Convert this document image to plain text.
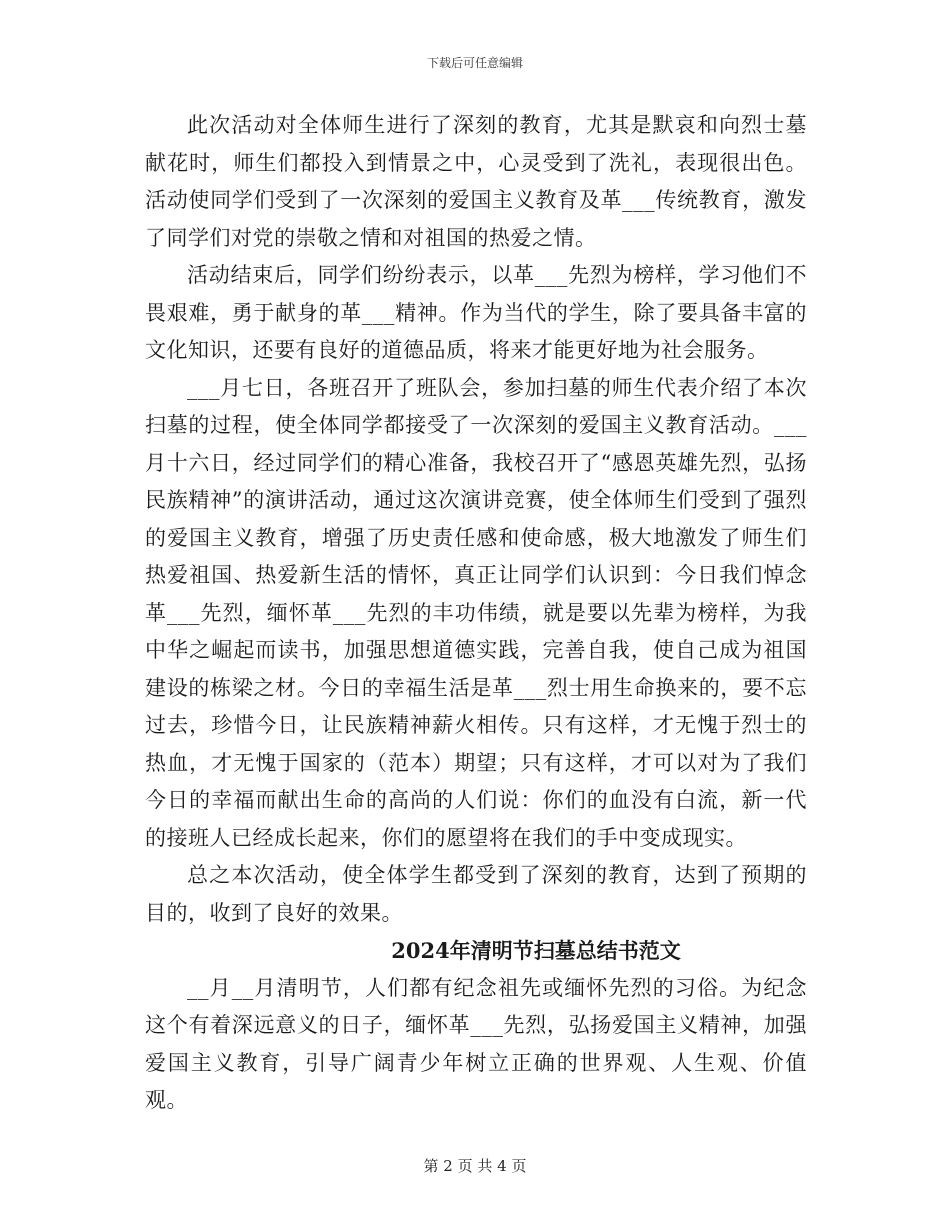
下载后可任意编辑

此次活动对全体师生进行了深刻的教育，尤其是默哀和向烈士墓献花时，师生们都投入到情景之中，心灵受到了洗礼，表现很出色。活动使同学们受到了一次深刻的爱国主义教育及革___传统教育，激发了同学们对党的崇敬之情和对祖国的热爱之情。

活动结束后，同学们纷纷表示，以革___先烈为榜样，学习他们不畏艰难，勇于献身的革___精神。作为当代的学生，除了要具备丰富的文化知识，还要有良好的道德品质，将来才能更好地为社会服务。

___月七日，各班召开了班队会，参加扫墓的师生代表介绍了本次扫墓的过程，使全体同学都接受了一次深刻的爱国主义教育活动。___月十六日，经过同学们的精心准备，我校召开了“感恩英雄先烈，弘扬民族精神”的演讲活动，通过这次演讲竞赛，使全体师生们受到了强烈的爱国主义教育，增强了历史责任感和使命感，极大地激发了师生们热爱祖国、热爱新生活的情怀，真正让同学们认识到：今日我们悼念革___先烈，缅怀革___先烈的丰功伟绩，就是要以先辈为榜样，为我中华之崛起而读书，加强思想道德实践，完善自我，使自己成为祖国建设的栋梁之材。今日的幸福生活是革___烈士用生命换来的，要不忘过去，珍惜今日，让民族精神薪火相传。只有这样，才无愧于烈士的热血，才无愧于国家的（范本）期望；只有这样，才可以对为了我们今日的幸福而献出生命的高尚的人们说：你们的血没有白流，新一代的接班人已经成长起来，你们的愿望将在我们的手中变成现实。

总之本次活动，使全体学生都受到了深刻的教育，达到了预期的目的，收到了良好的效果。

2024年清明节扫墓总结书范文

__月__月清明节，人们都有纪念祖先或缅怀先烈的习俗。为纪念这个有着深远意义的日子，缅怀革___先烈，弘扬爱国主义精神，加强爱国主义教育，引导广阔青少年树立正确的世界观、人生观、价值观。

第 2 页 共 4 页
